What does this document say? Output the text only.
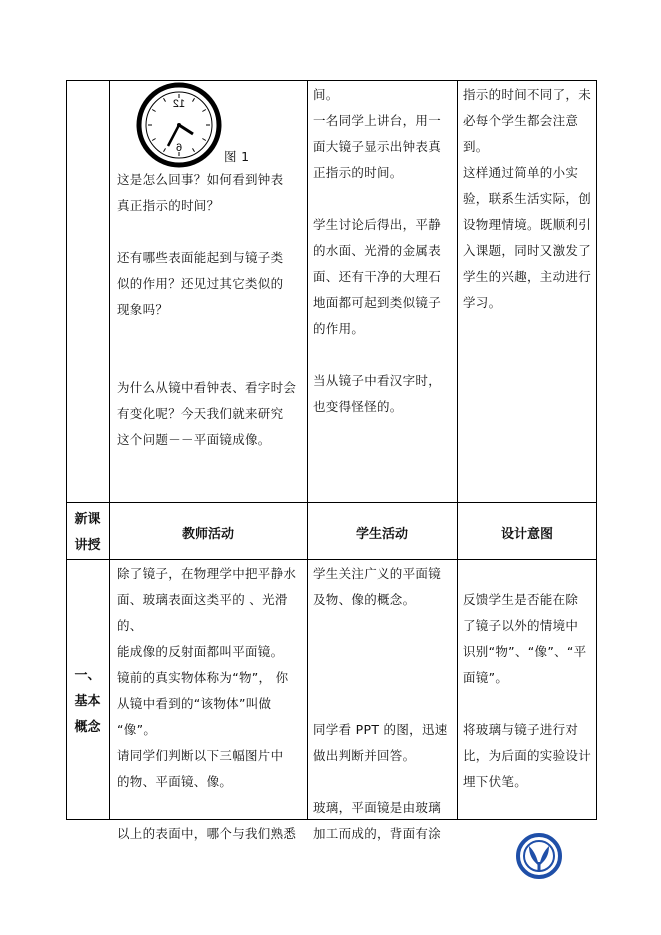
12
6
图 1

这是怎么回事？如何看到钟表

真正指示的时间？

还有哪些表面能起到与镜子类

似的作用？还见过其它类似的

现象吗？

为什么从镜中看钟表、看字时会

有变化呢？今天我们就来研究

这个问题－－平面镜成像。

间。

一名同学上讲台，用一

面大镜子显示出钟表真

正指示的时间。

学生讨论后得出，平静

的水面、光滑的金属表

面、还有干净的大理石

地面都可起到类似镜子

的作用。

当从镜子中看汉字时，

也变得怪怪的。

指示的时间不同了，未

必每个学生都会注意

到。

这样通过简单的小实

验，联系生活实际，创

设物理情境。既顺利引

入课题，同时又激发了

学生的兴趣，主动进行

学习。

新课

讲授

教师活动	学生活动	设计意图

一、

基本

概念

除了镜子，在物理学中把平静水

面、玻璃表面这类平的 、光滑的、

能成像的反射面都叫平面镜。

镜前的真实物体称为“物”， 你

从镜中看到的“该物体”叫做

“像”。

请同学们判断以下三幅图片中

的物、平面镜、像。

以上的表面中，哪个与我们熟悉

学生关注广义的平面镜

及物、像的概念。

同学看 PPT 的图，迅速

做出判断并回答。

玻璃，平面镜是由玻璃

加工而成的，背面有涂

反馈学生是否能在除

了镜子以外的情境中

识别“物”、“像”、“平

面镜”。

将玻璃与镜子进行对

比，为后面的实验设计

埋下伏笔。
